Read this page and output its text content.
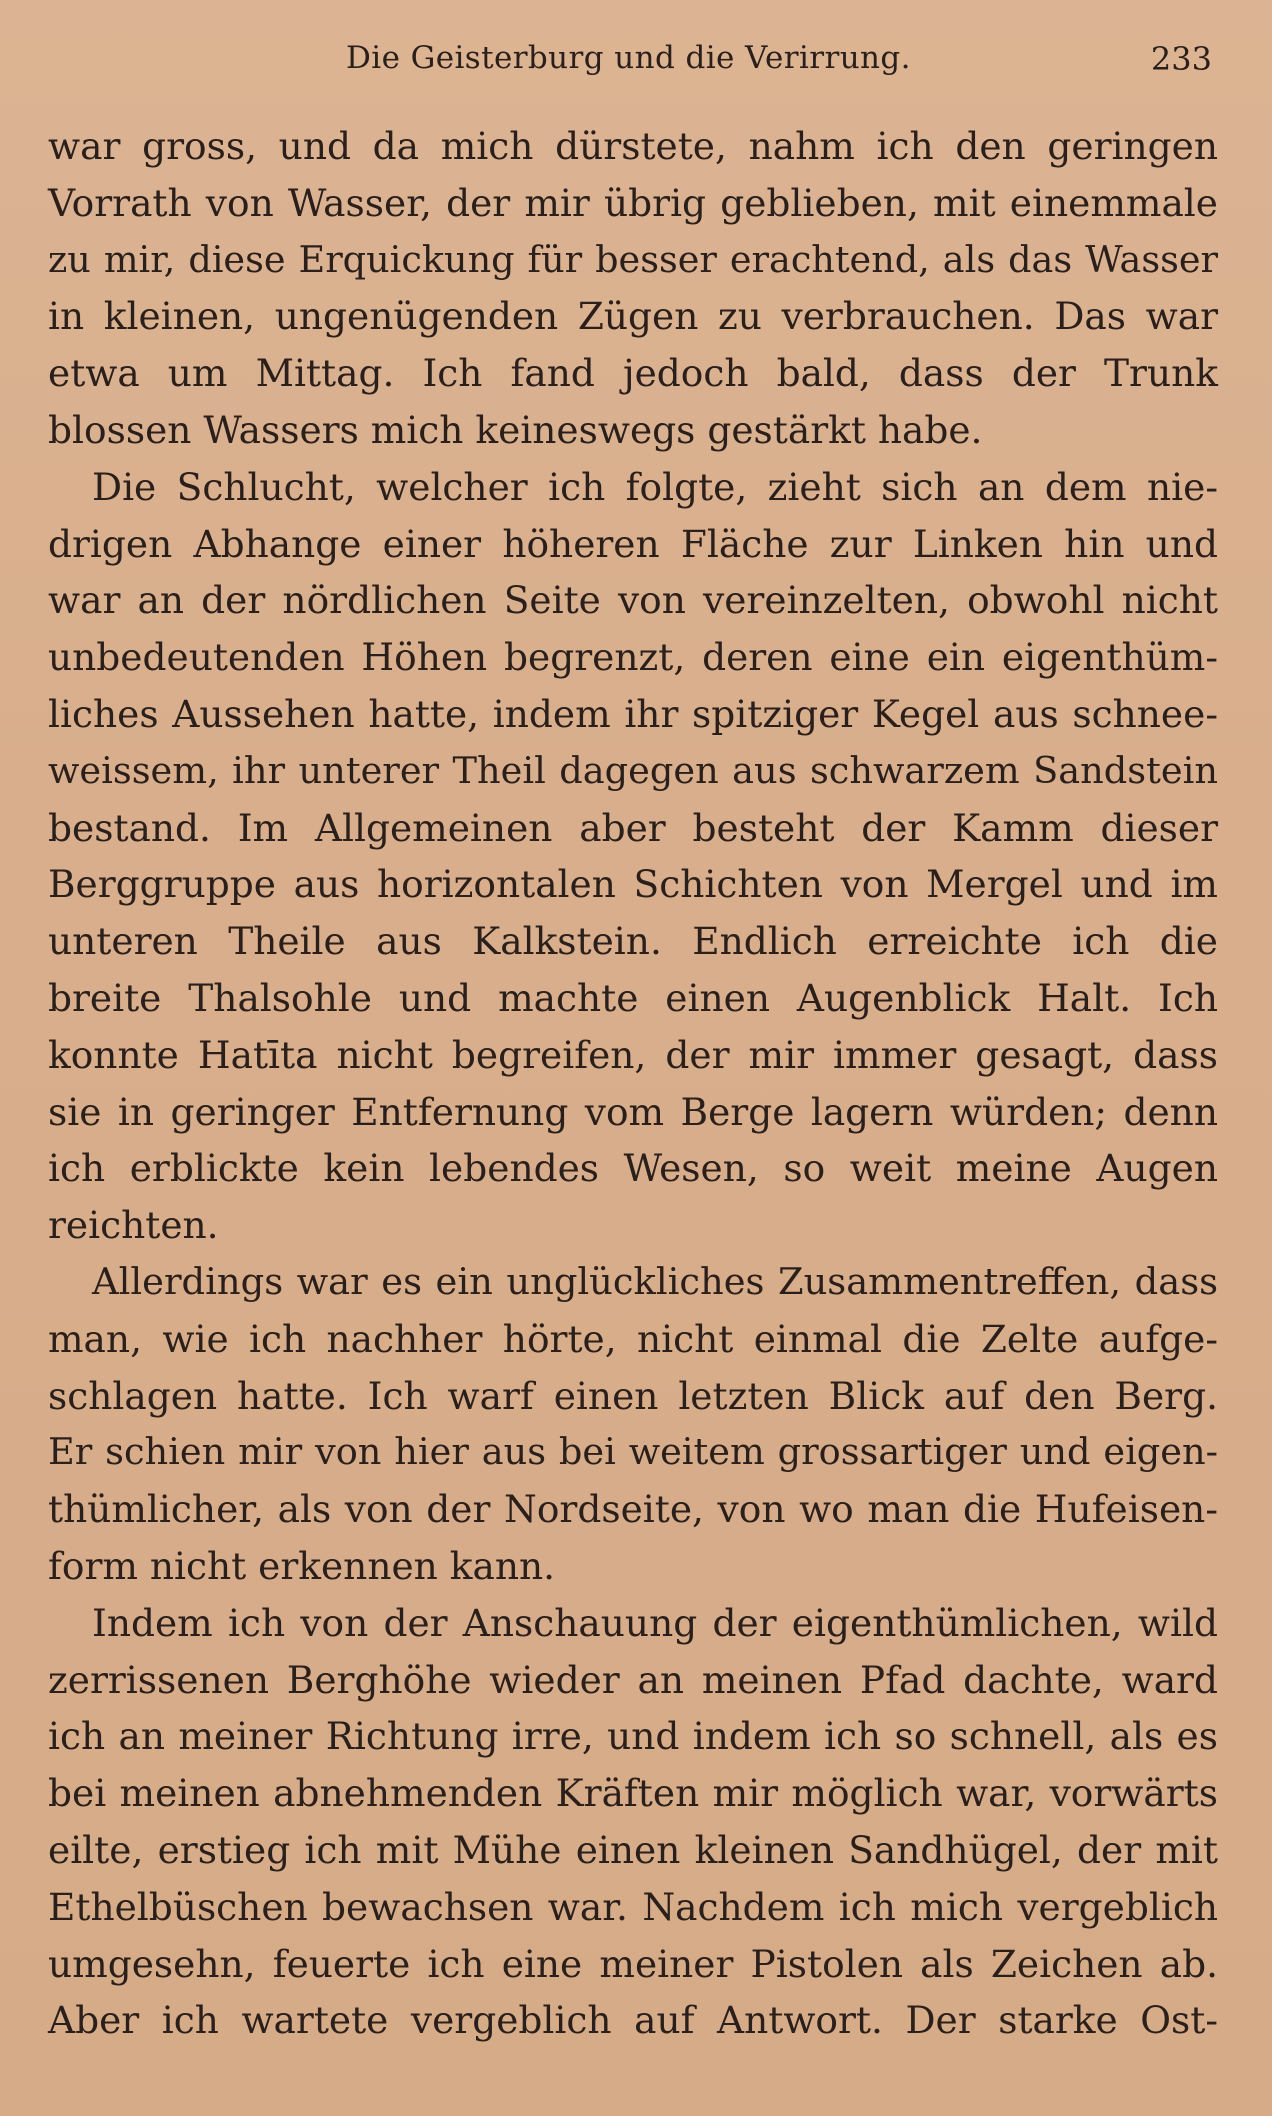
Die Geisterburg und die Verirrung.	233
war gross, und da mich dürstete, nahm ich den geringen
Vorrath von Wasser, der mir übrig geblieben, mit einemmale
zu mir, diese Erquickung für besser erachtend, als das Wasser
in kleinen, ungenügenden Zügen zu verbrauchen. Das war
etwa um Mittag. Ich fand jedoch bald, dass der Trunk
blossen Wassers mich keineswegs gestärkt habe.
Die Schlucht, welcher ich folgte, zieht sich an dem nie-
drigen Abhange einer höheren Fläche zur Linken hin und
war an der nördlichen Seite von vereinzelten, obwohl nicht
unbedeutenden Höhen begrenzt, deren eine ein eigenthüm-
liches Aussehen hatte, indem ihr spitziger Kegel aus schnee-
weissem, ihr unterer Theil dagegen aus schwarzem Sandstein
bestand. Im Allgemeinen aber besteht der Kamm dieser
Berggruppe aus horizontalen Schichten von Mergel und im
unteren Theile aus Kalkstein. Endlich erreichte ich die
breite Thalsohle und machte einen Augenblick Halt. Ich
konnte Hatīta nicht begreifen, der mir immer gesagt, dass
sie in geringer Entfernung vom Berge lagern würden; denn
ich erblickte kein lebendes Wesen, so weit meine Augen
reichten.
Allerdings war es ein unglückliches Zusammentreffen, dass
man, wie ich nachher hörte, nicht einmal die Zelte aufge-
schlagen hatte. Ich warf einen letzten Blick auf den Berg.
Er schien mir von hier aus bei weitem grossartiger und eigen-
thümlicher, als von der Nordseite, von wo man die Hufeisen-
form nicht erkennen kann.
Indem ich von der Anschauung der eigenthümlichen, wild
zerrissenen Berghöhe wieder an meinen Pfad dachte, ward
ich an meiner Richtung irre, und indem ich so schnell, als es
bei meinen abnehmenden Kräften mir möglich war, vorwärts
eilte, erstieg ich mit Mühe einen kleinen Sandhügel, der mit
Ethelbüschen bewachsen war. Nachdem ich mich vergeblich
umgesehn, feuerte ich eine meiner Pistolen als Zeichen ab.
Aber ich wartete vergeblich auf Antwort. Der starke Ost-
